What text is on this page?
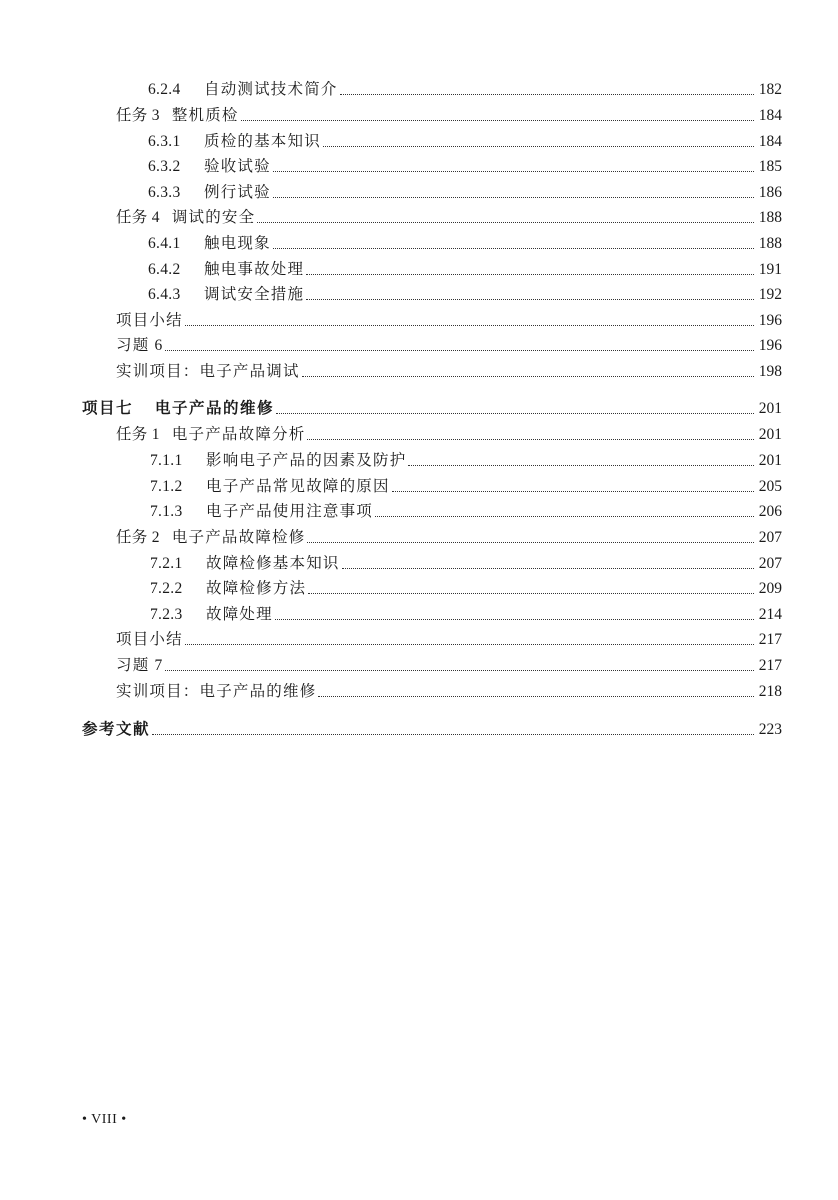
6.2.4	自动测试技术简介	182
任务 3 整机质检	184
6.3.1	质检的基本知识	184
6.3.2	验收试验	185
6.3.3	例行试验	186
任务 4 调试的安全	188
6.4.1	触电现象	188
6.4.2	触电事故处理	191
6.4.3	调试安全措施	192
项目小结	196
习题 6	196
实训项目：电子产品调试	198
项目七 电子产品的维修	201
任务 1 电子产品故障分析	201
7.1.1	影响电子产品的因素及防护	201
7.1.2	电子产品常见故障的原因	205
7.1.3	电子产品使用注意事项	206
任务 2 电子产品故障检修	207
7.2.1	故障检修基本知识	207
7.2.2	故障检修方法	209
7.2.3	故障处理	214
项目小结	217
习题 7	217
实训项目：电子产品的维修	218
参考文献	223
• VIII •
